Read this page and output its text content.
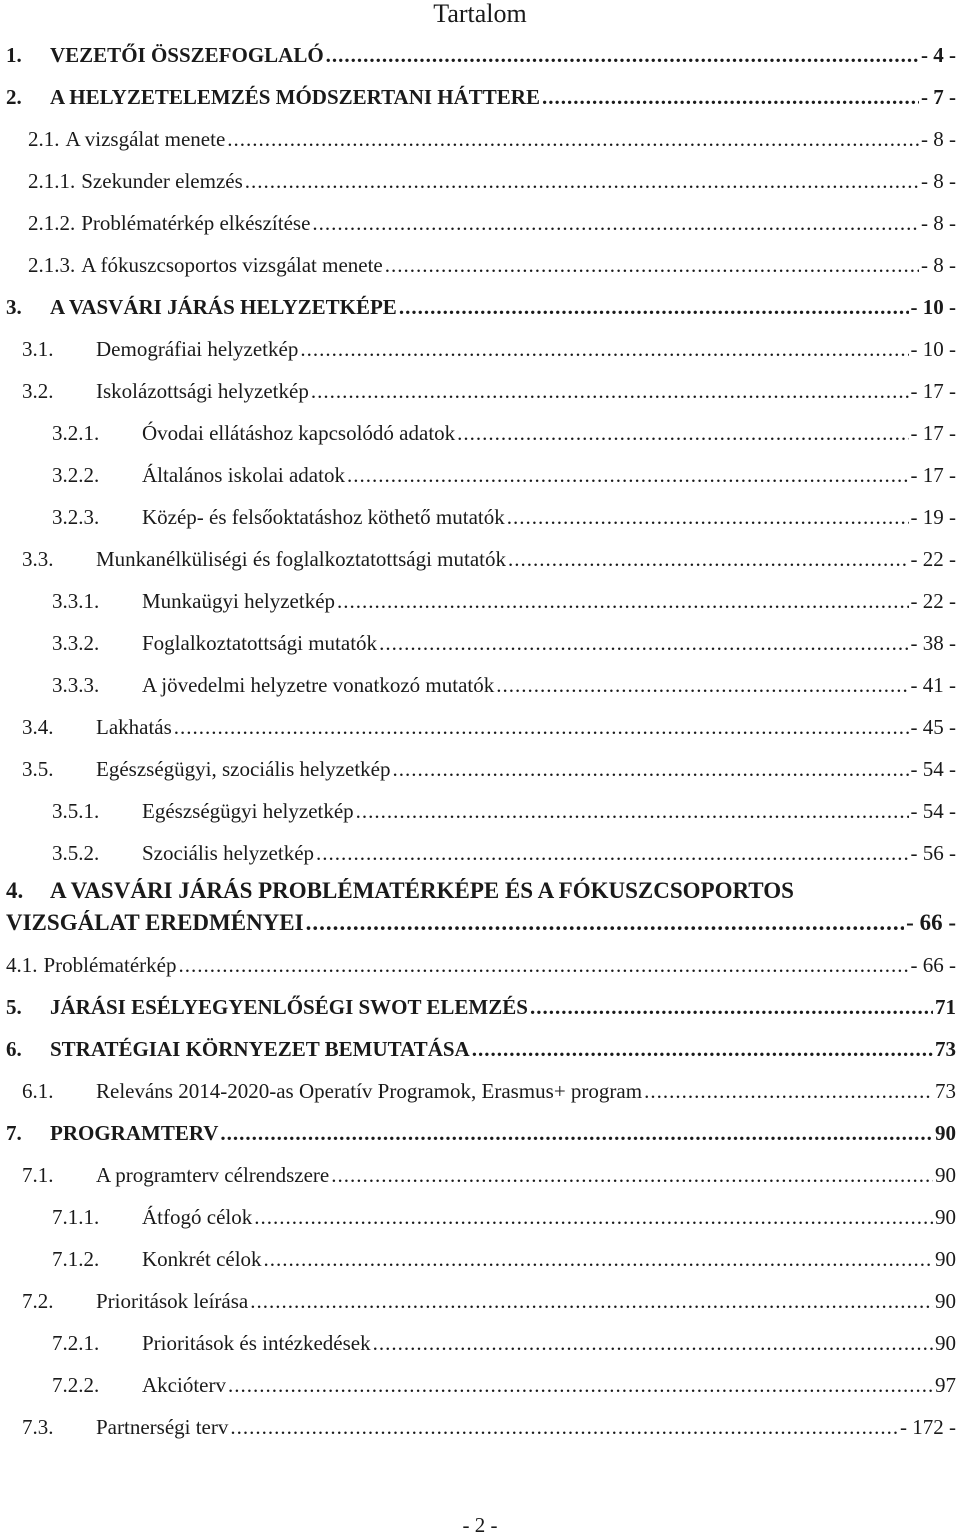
Tartalom
1.	VEZETŐI ÖSSZEFOGLALÓ .....	- 4 -
2.	A HELYZETELEMZÉS MÓDSZERTANI HÁTTERE .....	- 7 -
2.1. A vizsgálat menete .....	- 8 -
2.1.1. Szekunder elemzés .....	- 8 -
2.1.2. Problématérkép elkészítése .....	- 8 -
2.1.3. A fókuszcsoportos vizsgálat menete .....	- 8 -
3.	A VASVÁRI JÁRÁS HELYZETKÉPE .....	- 10 -
3.1.	Demográfiai helyzetkép .....	- 10 -
3.2.	Iskolázottsági helyzetkép .....	- 17 -
3.2.1.	Óvodai ellátáshoz kapcsolódó adatok .....	- 17 -
3.2.2.	Általános iskolai adatok .....	- 17 -
3.2.3.	Közép- és felsőoktatáshoz köthető mutatók .....	- 19 -
3.3.	Munkanélküliségi és foglalkoztatottsági mutatók .....	- 22 -
3.3.1.	Munkaügyi helyzetkép .....	- 22 -
3.3.2.	Foglalkoztatottsági mutatók .....	- 38 -
3.3.3.	A jövedelmi helyzetre vonatkozó mutatók .....	- 41 -
3.4.	Lakhatás .....	- 45 -
3.5.	Egészségügyi, szociális helyzetkép .....	- 54 -
3.5.1.	Egészségügyi helyzetkép .....	- 54 -
3.5.2.	Szociális helyzetkép .....	- 56 -
4. A VASVÁRI JÁRÁS PROBLÉMATÉRKÉPE ÉS A FÓKUSZCSOPORTOS
VIZSGÁLAT EREDMÉNYEI .....	- 66 -
4.1. Problématérkép .....	- 66 -
5.	JÁRÁSI ESÉLYEGYENLŐSÉGI SWOT ELEMZÉS .....	71
6.	STRATÉGIAI KÖRNYEZET BEMUTATÁSA .....	73
6.1.	Releváns 2014-2020-as Operatív Programok, Erasmus+ program .....	73
7.	PROGRAMTERV .....	90
7.1.	A programterv célrendszere .....	90
7.1.1.	Átfogó célok .....	90
7.1.2.	Konkrét célok .....	90
7.2.	Prioritások leírása .....	90
7.2.1.	Prioritások és intézkedések .....	90
7.2.2.	Akcióterv .....	97
7.3.	Partnerségi terv .....	- 172 -
- 2 -
